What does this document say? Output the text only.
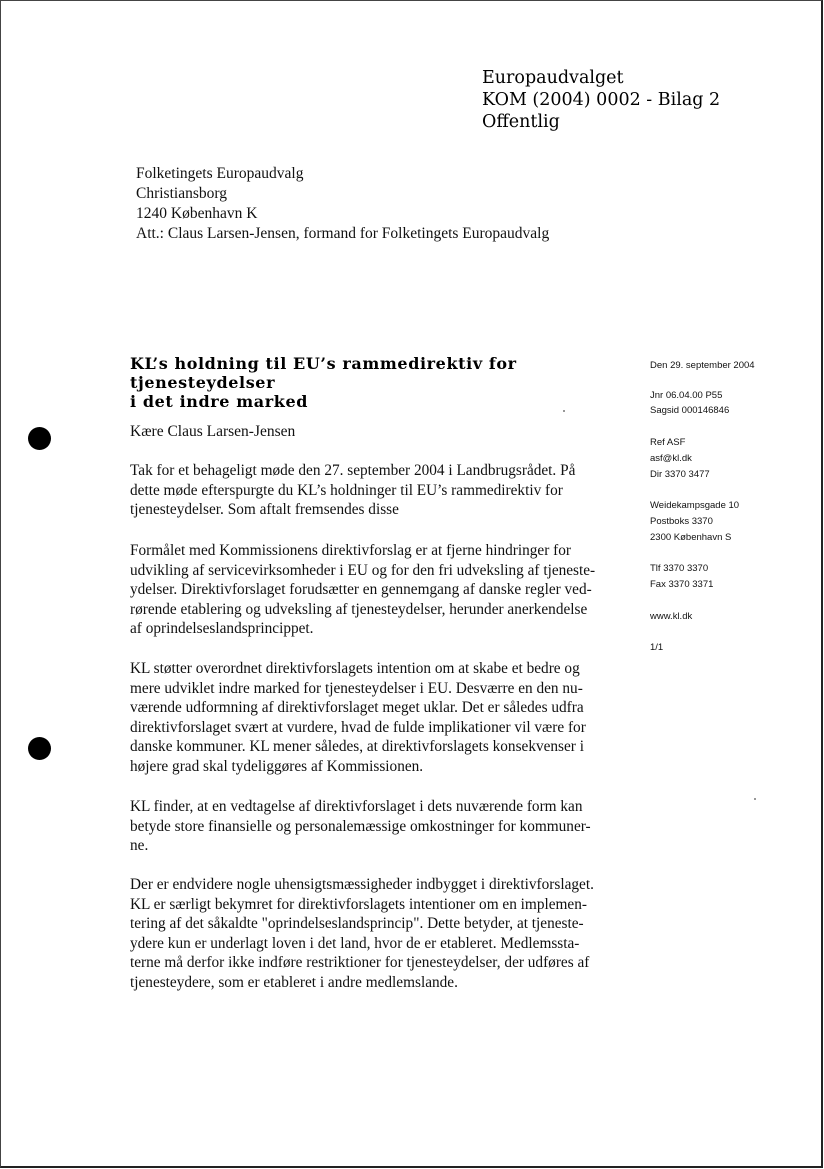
Europaudvalget
KOM (2004) 0002 - Bilag 2
Offentlig
Folketingets Europaudvalg
Christiansborg
1240 København K
Att.: Claus Larsen-Jensen, formand for Folketingets Europaudvalg
KL’s holdning til EU’s rammedirektiv for tjenesteydelser
i det indre marked
Den 29. september 2004
Jnr 06.04.00 P55
Sagsid 000146846
Ref ASF
asf@kl.dk
Dir 3370 3477
Weidekampsgade 10
Postboks 3370
2300 København S
Tlf 3370 3370
Fax 3370 3371
www.kl.dk
1/1
Kære Claus Larsen-Jensen
Tak for et behageligt møde den 27. september 2004 i Landbrugsrådet. På
dette møde efterspurgte du KL’s holdninger til EU’s rammedirektiv for
tjenesteydelser. Som aftalt fremsendes disse
Formålet med Kommissionens direktivforslag er at fjerne hindringer for
udvikling af servicevirksomheder i EU og for den fri udveksling af tjeneste-
ydelser. Direktivforslaget forudsætter en gennemgang af danske regler ved-
rørende etablering og udveksling af tjenesteydelser, herunder anerkendelse
af oprindelseslandsprincippet.
KL støtter overordnet direktivforslagets intention om at skabe et bedre og
mere udviklet indre marked for tjenesteydelser i EU. Desværre en den nu-
værende udformning af direktivforslaget meget uklar. Det er således udfra
direktivforslaget svært at vurdere, hvad de fulde implikationer vil være for
danske kommuner. KL mener således, at direktivforslagets konsekvenser i
højere grad skal tydeliggøres af Kommissionen.
KL finder, at en vedtagelse af direktivforslaget i dets nuværende form kan
betyde store finansielle og personalemæssige omkostninger for kommuner-
ne.
Der er endvidere nogle uhensigtsmæssigheder indbygget i direktivforslaget.
KL er særligt bekymret for direktivforslagets intentioner om en implemen-
tering af det såkaldte "oprindelseslandsprincip". Dette betyder, at tjeneste-
ydere kun er underlagt loven i det land, hvor de er etableret. Medlemssta-
terne må derfor ikke indføre restriktioner for tjenesteydelser, der udføres af
tjenesteydere, som er etableret i andre medlemslande.
